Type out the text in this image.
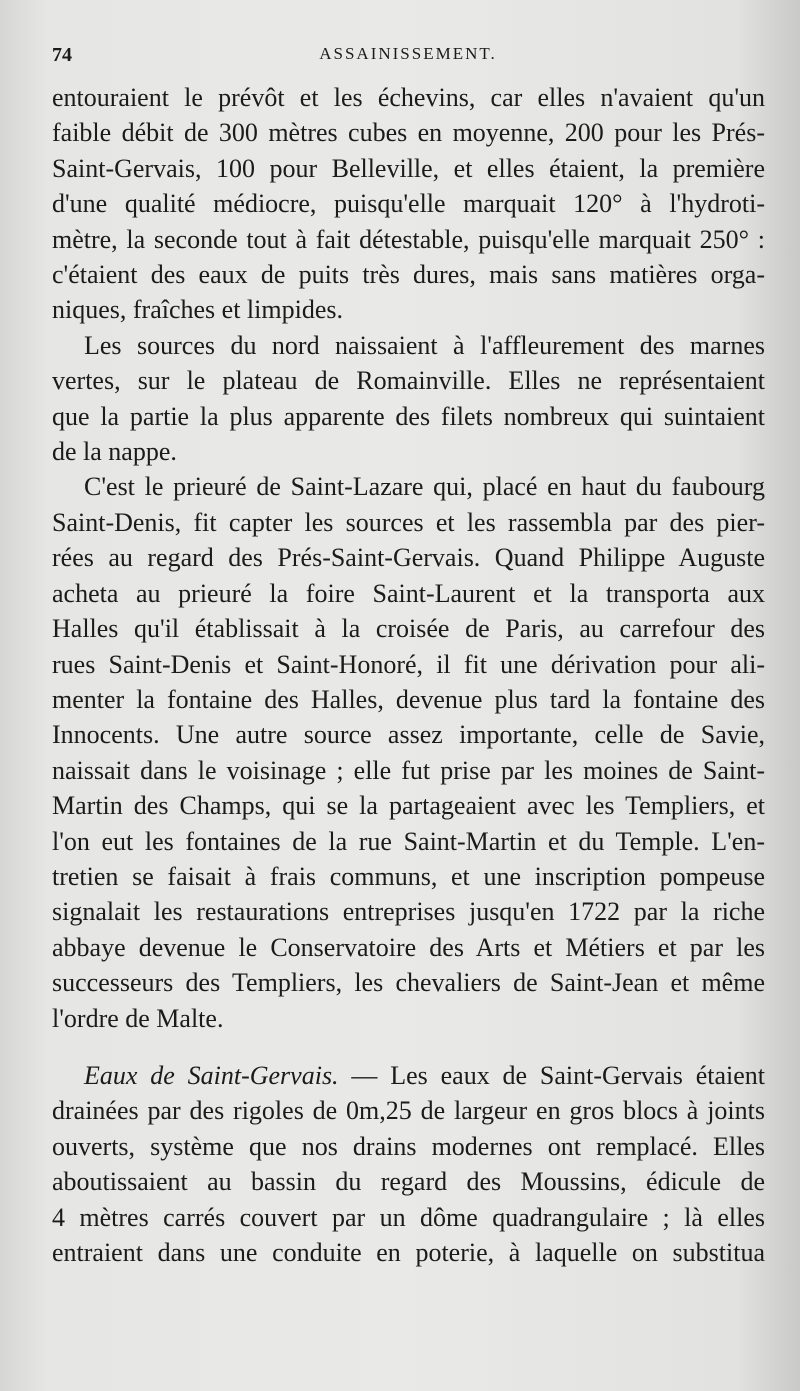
74	ASSAINISSEMENT.
entouraient le prévôt et les échevins, car elles n'avaient qu'un
faible débit de 300 mètres cubes en moyenne, 200 pour les Prés-
Saint-Gervais, 100 pour Belleville, et elles étaient, la première
d'une qualité médiocre, puisqu'elle marquait 120° à l'hydroti-
mètre, la seconde tout à fait détestable, puisqu'elle marquait 250° :
c'étaient des eaux de puits très dures, mais sans matières orga-
niques, fraîches et limpides.
Les sources du nord naissaient à l'affleurement des marnes
vertes, sur le plateau de Romainville. Elles ne représentaient
que la partie la plus apparente des filets nombreux qui suintaient
de la nappe.
C'est le prieuré de Saint-Lazare qui, placé en haut du faubourg
Saint-Denis, fit capter les sources et les rassembla par des pier-
rées au regard des Prés-Saint-Gervais. Quand Philippe Auguste
acheta au prieuré la foire Saint-Laurent et la transporta aux
Halles qu'il établissait à la croisée de Paris, au carrefour des
rues Saint-Denis et Saint-Honoré, il fit une dérivation pour ali-
menter la fontaine des Halles, devenue plus tard la fontaine des
Innocents. Une autre source assez importante, celle de Savie,
naissait dans le voisinage ; elle fut prise par les moines de Saint-
Martin des Champs, qui se la partageaient avec les Templiers, et
l'on eut les fontaines de la rue Saint-Martin et du Temple. L'en-
tretien se faisait à frais communs, et une inscription pompeuse
signalait les restaurations entreprises jusqu'en 1722 par la riche
abbaye devenue le Conservatoire des Arts et Métiers et par les
successeurs des Templiers, les chevaliers de Saint-Jean et même
l'ordre de Malte.
Eaux de Saint-Gervais. — Les eaux de Saint-Gervais étaient
drainées par des rigoles de 0m,25 de largeur en gros blocs à joints
ouverts, système que nos drains modernes ont remplacé. Elles
aboutissaient au bassin du regard des Moussins, édicule de
4 mètres carrés couvert par un dôme quadrangulaire ; là elles
entraient dans une conduite en poterie, à laquelle on substitua
